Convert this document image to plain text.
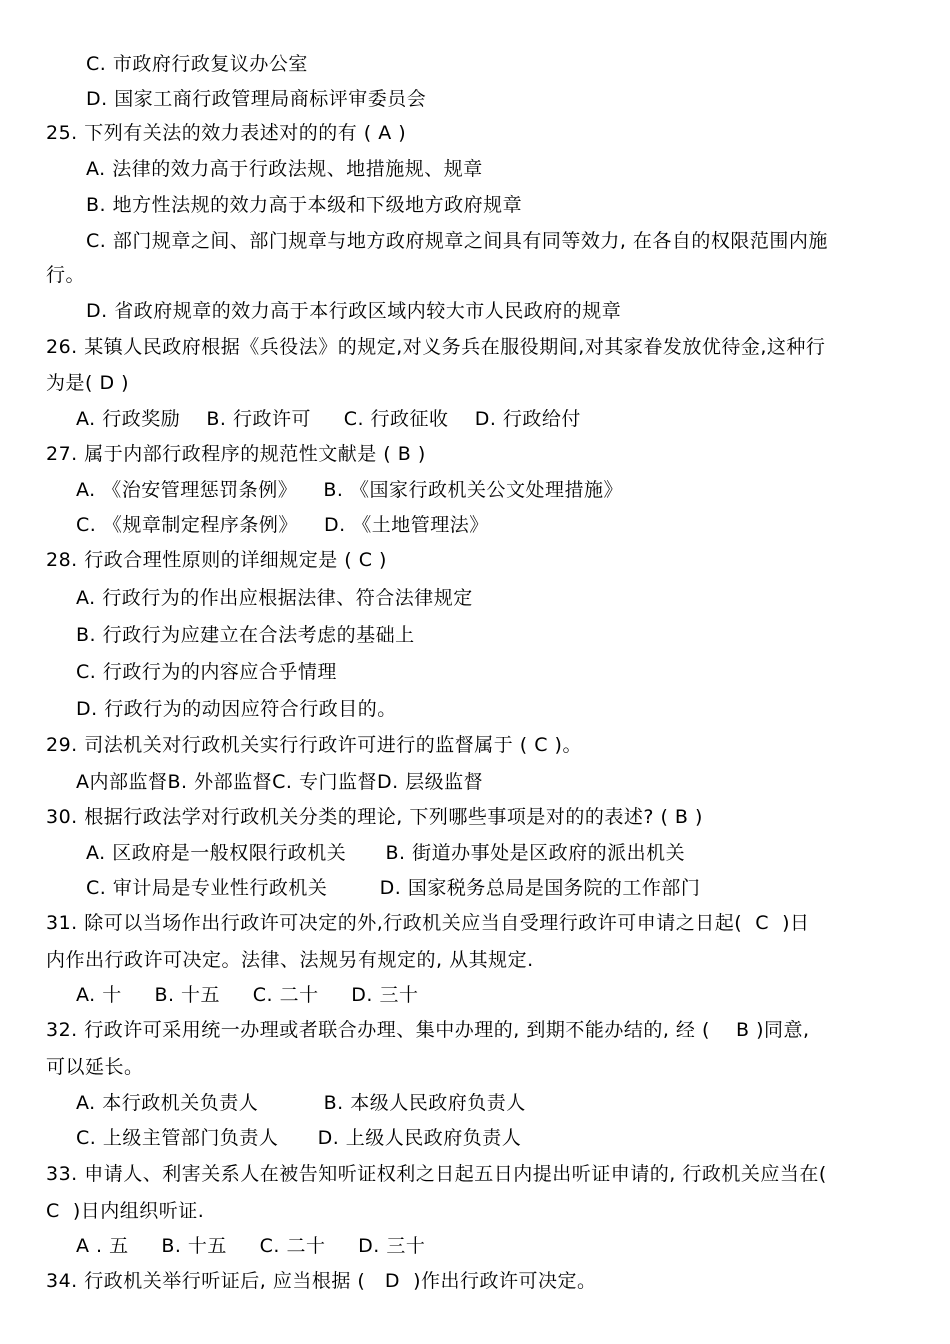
C. 市政府行政复议办公室
D. 国家工商行政管理局商标评审委员会
25. 下列有关法的效力表述对的的有 ( A )
A. 法律的效力高于行政法规、地措施规、规章
B. 地方性法规的效力高于本级和下级地方政府规章
C. 部门规章之间、部门规章与地方政府规章之间具有同等效力, 在各自的权限范围内施
行。
D. 省政府规章的效力高于本行政区域内较大市人民政府的规章
26. 某镇人民政府根据《兵役法》的规定,对义务兵在服役期间,对其家眷发放优待金,这种行
为是( D )
A. 行政奖励    B. 行政许可     C. 行政征收    D. 行政给付
27. 属于内部行政程序的规范性文献是 ( B )
A. 《治安管理惩罚条例》    B. 《国家行政机关公文处理措施》
C. 《规章制定程序条例》    D. 《土地管理法》
28. 行政合理性原则的详细规定是 ( C )
A. 行政行为的作出应根据法律、符合法律规定
B. 行政行为应建立在合法考虑的基础上
C. 行政行为的内容应合乎情理
D. 行政行为的动因应符合行政目的。
29. 司法机关对行政机关实行行政许可进行的监督属于 ( C )。
A内部监督B. 外部监督C. 专门监督D. 层级监督
30. 根据行政法学对行政机关分类的理论, 下列哪些事项是对的的表述? ( B )
A. 区政府是一般权限行政机关      B. 街道办事处是区政府的派出机关
C. 审计局是专业性行政机关        D. 国家税务总局是国务院的工作部门
31. 除可以当场作出行政许可决定的外,行政机关应当自受理行政许可申请之日起(  C  )日
内作出行政许可决定。法律、法规另有规定的, 从其规定.
A. 十     B. 十五     C. 二十     D. 三十
32. 行政许可采用统一办理或者联合办理、集中办理的, 到期不能办结的, 经 (    B )同意,
可以延长。
A. 本行政机关负责人          B. 本级人民政府负责人
C. 上级主管部门负责人      D. 上级人民政府负责人
33. 申请人、利害关系人在被告知听证权利之日起五日内提出听证申请的, 行政机关应当在(
C  )日内组织听证.
A . 五     B. 十五     C. 二十     D. 三十
34. 行政机关举行听证后, 应当根据 (   D  )作出行政许可决定。
